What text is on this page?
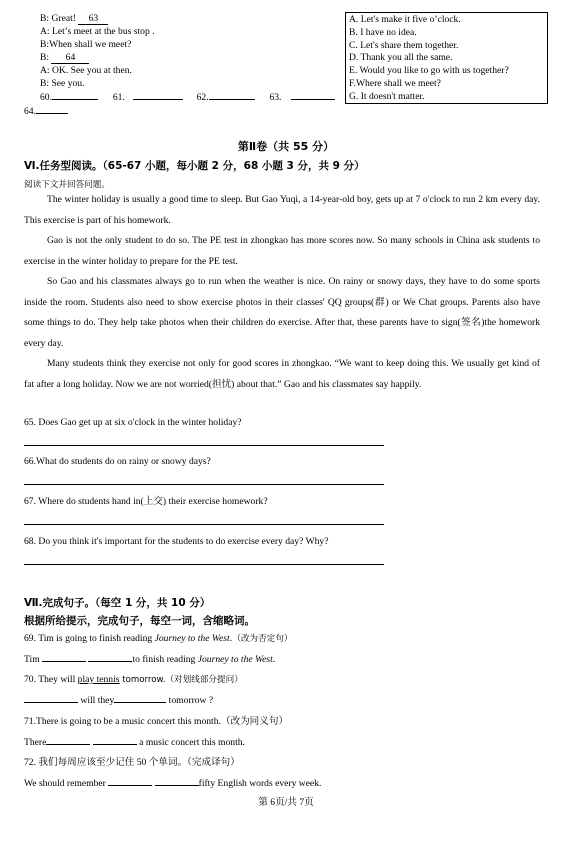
B: Great! 63
A: Let’s meet at the bus stop .
B:When shall we meet?
B: 64
A: OK. See you at then.
B: See you.
60.	61.	62.	63.
64.
A. Let's make it five o’clock.
B. I have no idea.
C. Let's share them together.
D. Thank you all the same.
E. Would you like to go with us together?
F.Where shall we meet?
G. It doesn't matter.
第Ⅱ卷（共 55 分）
Ⅵ.任务型阅读。（65-67 小题，每小题 2 分，68 小题 3 分，共 9 分）
阅读下文并回答问题。

The winter holiday is usually a good time to sleep. But Gao Yuqi, a 14-year-old boy, gets up at 7 o'clock to run 2 km every day. This exercise is part of his homework.

Gao is not the only student to do so. The PE test in zhongkao has more scores now. So many schools in China ask students to exercise in the winter holiday to prepare for the PE test.

So Gao and his classmates always go to run when the weather is nice. On rainy or snowy days, they have to do some sports inside the room. Students also need to show exercise photos in their classes' QQ groups(群) or We Chat groups. Parents also have some things to do. They help take photos when their children do exercise. After that, these parents have to sign(签名)the homework every day.

Many students think they exercise not only for good scores in zhongkao. “We want to keep doing this. We usually get kind of fat after a long holiday. Now we are not worried(担忧) about that.” Gao and his classmates say happily.

65. Does Gao get up at six o'clock in the winter holiday?
66.What do students do on rainy or snowy days?
67. Where do students hand in(上交) their exercise homework?
68. Do you think it's important for the students to do exercise every day? Why?
Ⅶ.完成句子。（每空 1 分，共 10 分）
根据所给提示，完成句子，每空一词，含缩略词。
69. Tim is going to finish reading Journey to the West.（改为否定句）
Tim	to finish reading Journey to the West.
70. They will play tennis tomorrow.（对划线部分提问）
will they	tomorrow ?
71.There is going to be a music concert this month.（改为同义句）
There	a music concert this month.
72. 我们每周应该至少记住 50 个单词。（完成译句）
We should remember	fifty English words every week.
第 6页/共 7页
